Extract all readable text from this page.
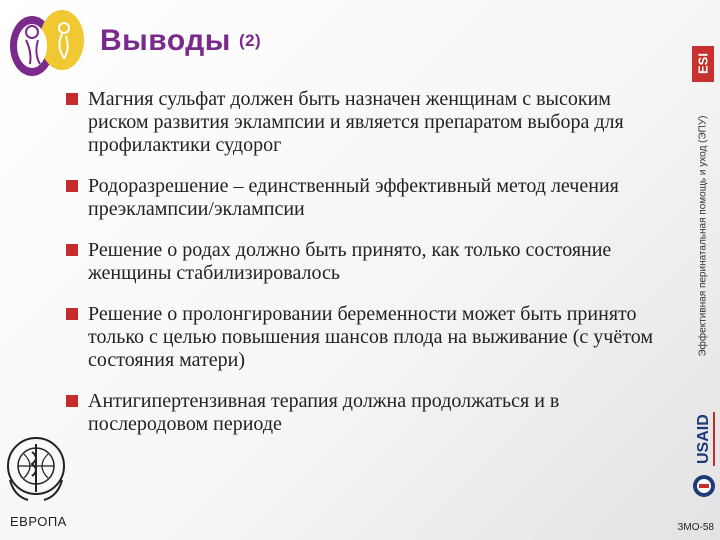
Выводы $^{(2)}$
ESI
Эффективная перинатальная помощь и уход (ЭПУ)
Магния сульфат должен быть назначен женщинам с высоким риском развития эклампсии и является препаратом выбора для профилактики судорог
Родоразрешение – единственный эффективный метод лечения преэклампсии/эклампсии
Решение о родах должно быть принято, как только состояние женщины стабилизировалось
Решение о пролонгировании беременности может быть принято только с целью повышения шансов плода на выживание (с учётом состояния матери)
Антигипертензивная терапия должна продолжаться и в послеродовом периоде	USAID
ЕВРОПА	ЗМО-58
